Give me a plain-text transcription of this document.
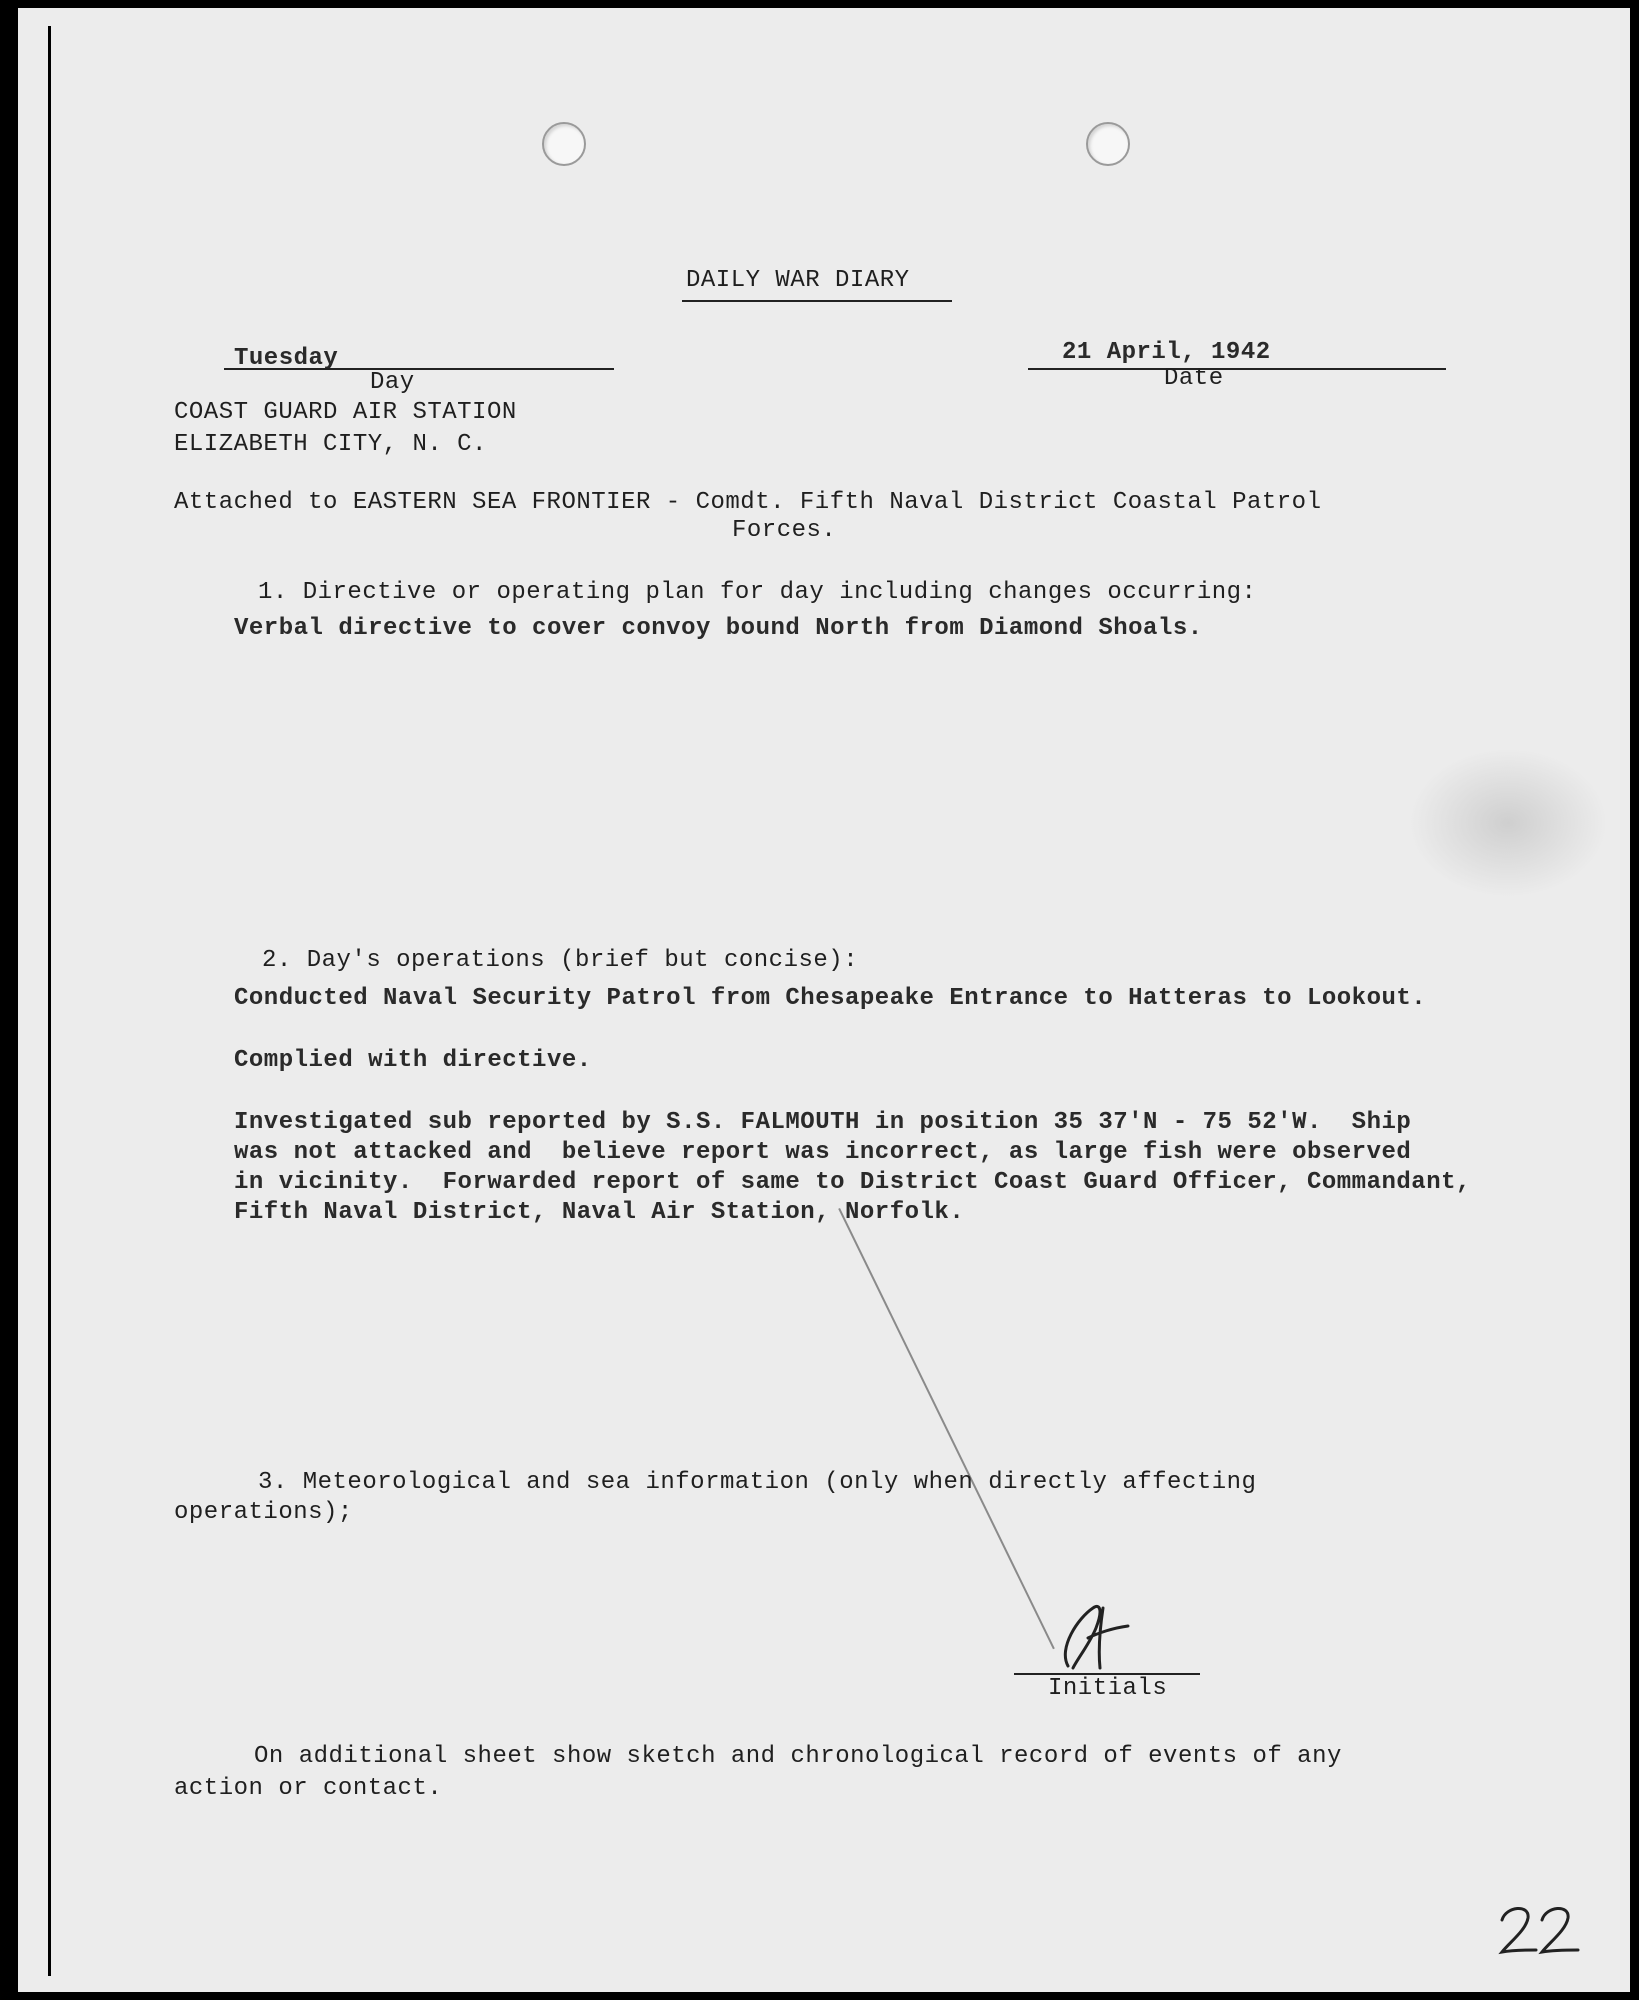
DAILY WAR DIARY
Tuesday
Day
21 April, 1942
Date
COAST GUARD AIR STATION
ELIZABETH CITY, N. C.
Attached to EASTERN SEA FRONTIER - Comdt. Fifth Naval District Coastal Patrol
Forces.
1. Directive or operating plan for day including changes occurring:
Verbal directive to cover convoy bound North from Diamond Shoals.
2. Day's operations (brief but concise):
Conducted Naval Security Patrol from Chesapeake Entrance to Hatteras to Lookout.
Complied with directive.
Investigated sub reported by S.S. FALMOUTH in position 35 37'N - 75 52'W.  Ship
was not attacked and  believe report was incorrect, as large fish were observed
in vicinity.  Forwarded report of same to District Coast Guard Officer, Commandant,
Fifth Naval District, Naval Air Station, Norfolk.
3. Meteorological and sea information (only when directly affecting
operations);
Initials
On additional sheet show sketch and chronological record of events of any
action or contact.
